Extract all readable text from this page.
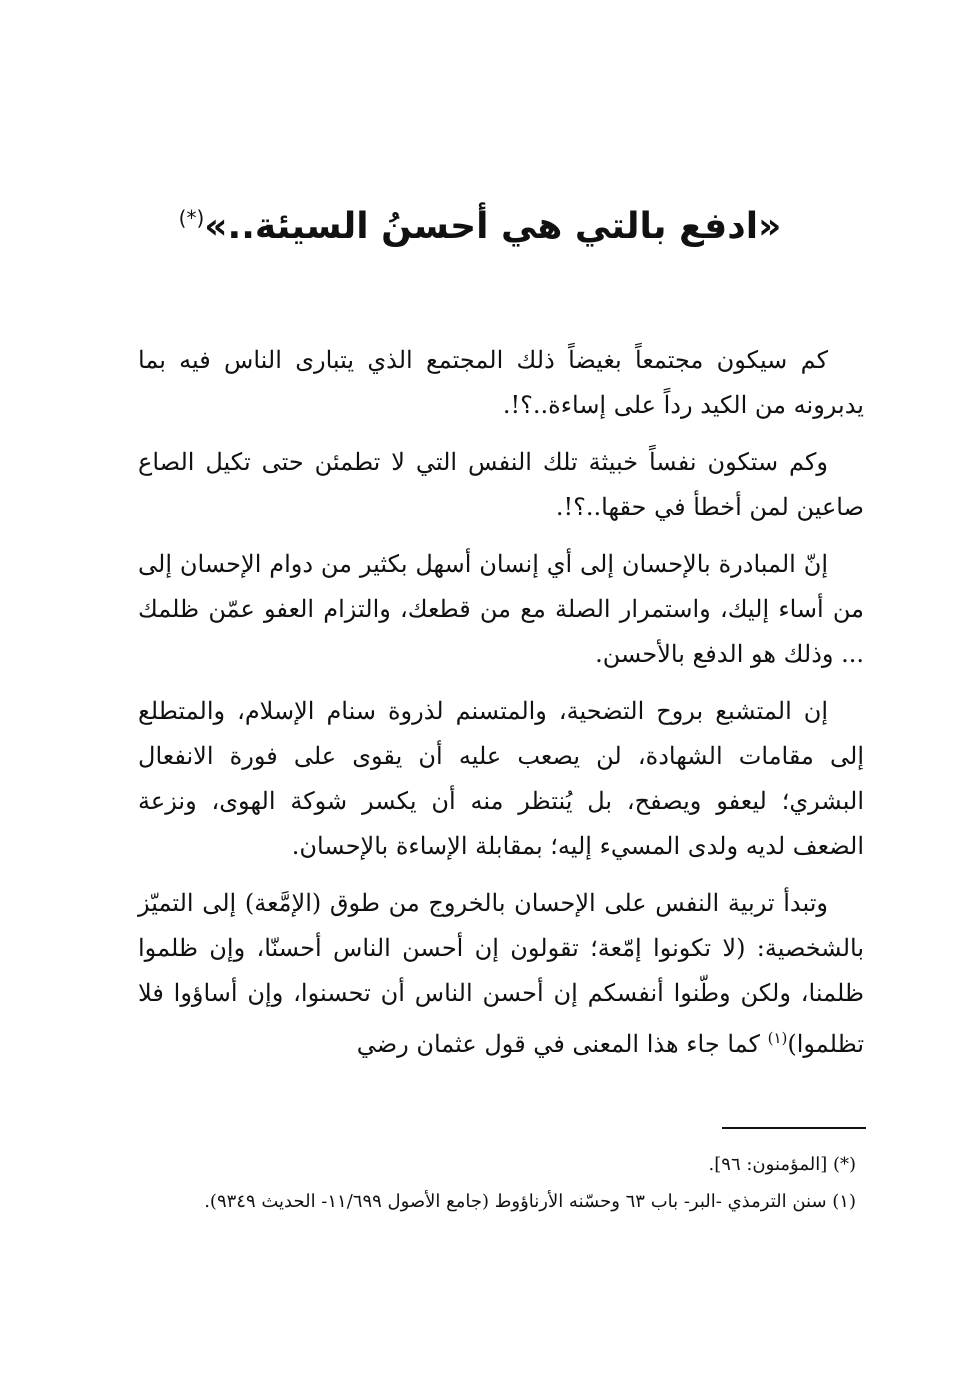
«ادفع بالتي هي أحسنُ السيئة..»(*)

كم سيكون مجتمعاً بغيضاً ذلك المجتمع الذي يتبارى الناس فيه بما يدبرونه من الكيد رداً على إساءة..؟!.

وكم ستكون نفساً خبيثة تلك النفس التي لا تطمئن حتى تكيل الصاع صاعين لمن أخطأ في حقها..؟!.

إنّ المبادرة بالإحسان إلى أي إنسان أسهل بكثير من دوام الإحسان إلى من أساء إليك، واستمرار الصلة مع من قطعك، والتزام العفو عمّن ظلمك ... وذلك هو الدفع بالأحسن.

إن المتشبع بروح التضحية، والمتسنم لذروة سنام الإسلام، والمتطلع إلى مقامات الشهادة، لن يصعب عليه أن يقوى على فورة الانفعال البشري؛ ليعفو ويصفح، بل يُنتظر منه أن يكسر شوكة الهوى، ونزعة الضعف لديه ولدى المسيء إليه؛ بمقابلة الإساءة بالإحسان.

وتبدأ تربية النفس على الإحسان بالخروج من طوق (الإمَّعة) إلى التميّز بالشخصية: (لا تكونوا إمّعة؛ تقولون إن أحسن الناس أحسنّا، وإن ظلموا ظلمنا، ولكن وطّنوا أنفسكم إن أحسن الناس أن تحسنوا، وإن أساؤوا فلا تظلموا)$^{(١)}$ كما جاء هذا المعنى في قول عثمان رضي

(*) [المؤمنون: ٩٦].

(١) سنن الترمذي -البر- باب ٦٣ وحسّنه الأرناؤوط (جامع الأصول ١١/٦٩٩- الحديث ٩٣٤٩).
